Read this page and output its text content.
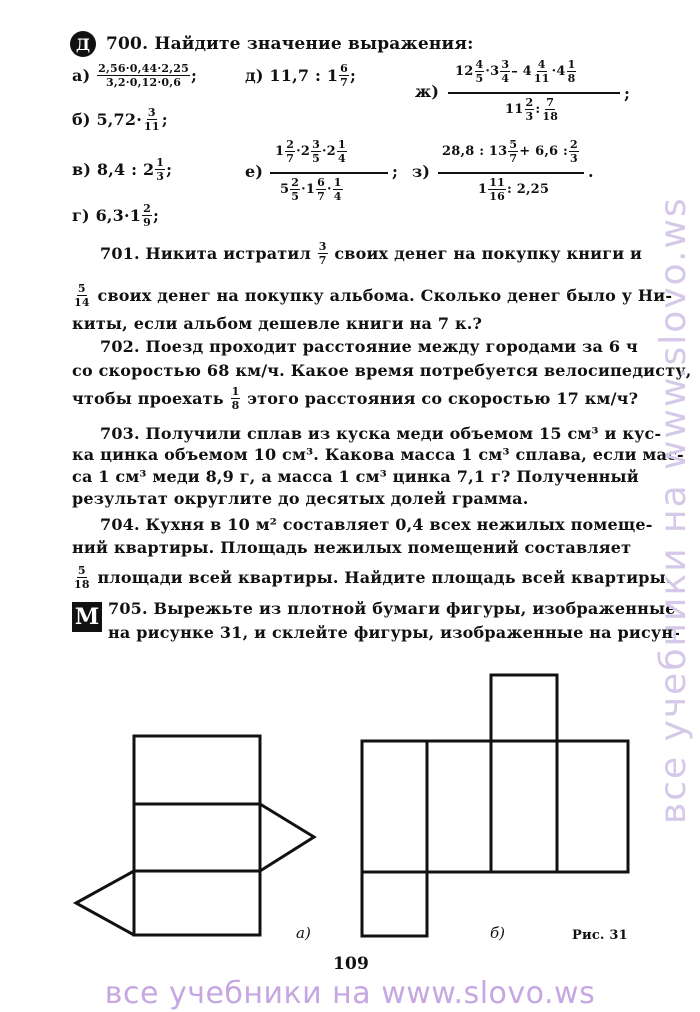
Д 700. Найдите значение выражения:
а)
$\frac{2,56\cdot 0,44\cdot 2,25}{3,2\cdot 0,12\cdot 0,6}$ ;	д)
11,7 : $1 \frac{6}{7}$ ;
ж)
$12 \frac{4}{5} \cdot 3 \frac{3}{4} - 4 \frac{4}{11} \cdot 4 \frac{1}{8}$
$11 \frac{2}{3}$ : $\frac{7}{18}$
;
б)
$5,72\cdot \frac{3}{11}$ ;
в)
8,4 : $2 \frac{1}{3}$ ;	е)
$1 \frac{2}{7} \cdot 2 \frac{3}{5} \cdot 2 \frac{1}{4}$
$5 \frac{2}{5} \cdot 1 \frac{6}{7} \cdot \frac{1}{4}$
; з)
28,8 : $13 \frac{5}{7} + 6,6$ : $\frac{2}{3}$
$1 \frac{11}{16}$ : 2,25
.
г)
$6,3\cdot 1 \frac{2}{9}$ ;
701. Никита истратил
$\frac{3}{7}$
своих денег на покупку книги и
$\frac{5}{14}$
своих денег на покупку альбома. Сколько денег было у Ни-
киты, если альбом дешевле книги на 7 к.?
702. Поезд проходит расстояние между городами за 6 ч
со скоростью 68 км/ч. Какое время потребуется велосипедисту,
чтобы проехать
$\frac{1}{8}$
этого расстояния со скоростью 17 км/ч?
703. Получили сплав из куска меди объемом 15 см³ и кус-
ка цинка объемом 10 см³. Какова масса 1 см³ сплава, если мас-
са 1 см³ меди 8,9 г, а масса 1 см³ цинка 7,1 г? Полученный
результат округлите до десятых долей грамма.
704. Кухня в 10 м² составляет 0,4 всех нежилых помеще-
ний квартиры. Площадь нежилых помещений составляет
$\frac{5}{18}$
площади всей квартиры. Найдите площадь всей квартиры.
M 705. Вырежьте из плотной бумаги фигуры, изображенные
на рисунке 31, и склейте фигуры, изображенные на рисун-
а)	б)	Рис. 31
109
все учебники на www.slovo.ws
все учебники на www.slovo.ws
